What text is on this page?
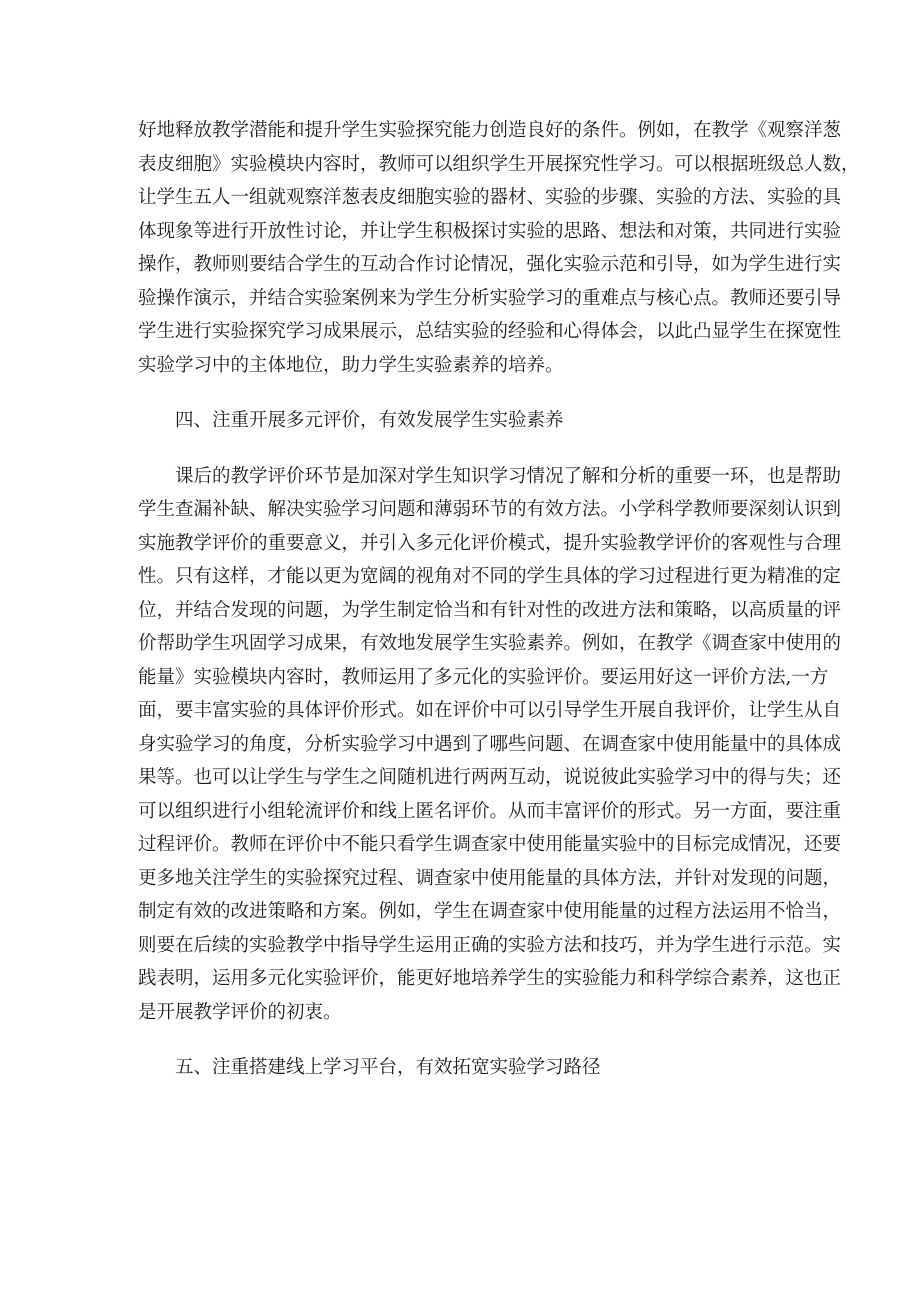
好地释放教学潜能和提升学生实验探究能力创造良好的条件。例如，在教学《观察洋葱
表皮细胞》实验模块内容时，教师可以组织学生开展探究性学习。可以根据班级总人数，
让学生五人一组就观察洋葱表皮细胞实验的器材、实验的步骤、实验的方法、实验的具
体现象等进行开放性讨论，并让学生积极探讨实验的思路、想法和对策，共同进行实验
操作，教师则要结合学生的互动合作讨论情况，强化实验示范和引导，如为学生进行实
验操作演示，并结合实验案例来为学生分析实验学习的重难点与核心点。教师还要引导
学生进行实验探究学习成果展示，总结实验的经验和心得体会，以此凸显学生在探宽性
实验学习中的主体地位，助力学生实验素养的培养。
四、注重开展多元评价，有效发展学生实验素养
课后的教学评价环节是加深对学生知识学习情况了解和分析的重要一环，也是帮助
学生查漏补缺、解决实验学习问题和薄弱环节的有效方法。小学科学教师要深刻认识到
实施教学评价的重要意义，并引入多元化评价模式，提升实验教学评价的客观性与合理
性。只有这样，才能以更为宽阔的视角对不同的学生具体的学习过程进行更为精准的定
位，并结合发现的问题，为学生制定恰当和有针对性的改进方法和策略，以高质量的评
价帮助学生巩固学习成果，有效地发展学生实验素养。例如，在教学《调查家中使用的
能量》实验模块内容时，教师运用了多元化的实验评价。要运用好这一评价方法,一方
面，要丰富实验的具体评价形式。如在评价中可以引导学生开展自我评价，让学生从自
身实验学习的角度，分析实验学习中遇到了哪些问题、在调查家中使用能量中的具体成
果等。也可以让学生与学生之间随机进行两两互动，说说彼此实验学习中的得与失；还
可以组织进行小组轮流评价和线上匿名评价。从而丰富评价的形式。另一方面，要注重
过程评价。教师在评价中不能只看学生调查家中使用能量实验中的目标完成情况，还要
更多地关注学生的实验探究过程、调查家中使用能量的具体方法，并针对发现的问题，
制定有效的改进策略和方案。例如，学生在调查家中使用能量的过程方法运用不恰当，
则要在后续的实验教学中指导学生运用正确的实验方法和技巧，并为学生进行示范。实
践表明，运用多元化实验评价，能更好地培养学生的实验能力和科学综合素养，这也正
是开展教学评价的初衷。
五、注重搭建线上学习平台，有效拓宽实验学习路径
